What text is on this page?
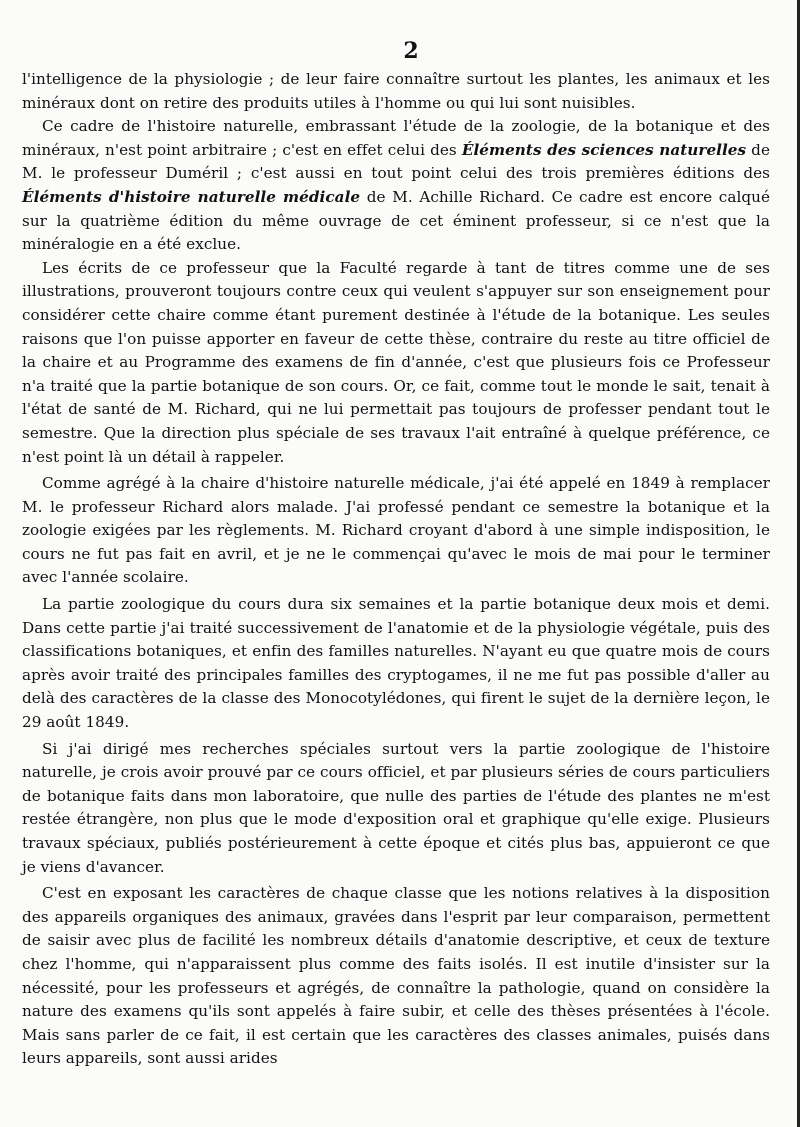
2

l'intelligence de la physiologie ; de leur faire connaître surtout les plantes, les animaux et les minéraux dont on retire des produits utiles à l'homme ou qui lui sont nuisibles.

Ce cadre de l'histoire naturelle, embrassant l'étude de la zoologie, de la botanique et des minéraux, n'est point arbitraire ; c'est en effet celui des Éléments des sciences naturelles de M. le professeur Duméril ; c'est aussi en tout point celui des trois premières éditions des Éléments d'histoire naturelle médicale de M. Achille Richard. Ce cadre est encore calqué sur la quatrième édition du même ouvrage de cet éminent professeur, si ce n'est que la minéralogie en a été exclue.

Les écrits de ce professeur que la Faculté regarde à tant de titres comme une de ses illustrations, prouveront toujours contre ceux qui veulent s'appuyer sur son enseignement pour considérer cette chaire comme étant purement destinée à l'étude de la botanique. Les seules raisons que l'on puisse apporter en faveur de cette thèse, contraire du reste au titre officiel de la chaire et au Programme des examens de fin d'année, c'est que plusieurs fois ce Professeur n'a traité que la partie botanique de son cours. Or, ce fait, comme tout le monde le sait, tenait à l'état de santé de M. Richard, qui ne lui permettait pas toujours de professer pendant tout le semestre. Que la direction plus spéciale de ses travaux l'ait entraîné à quelque préférence, ce n'est point là un détail à rappeler.

Comme agrégé à la chaire d'histoire naturelle médicale, j'ai été appelé en 1849 à remplacer M. le professeur Richard alors malade. J'ai professé pendant ce semestre la botanique et la zoologie exigées par les règlements. M. Richard croyant d'abord à une simple indisposition, le cours ne fut pas fait en avril, et je ne le commençai qu'avec le mois de mai pour le terminer avec l'année scolaire.

La partie zoologique du cours dura six semaines et la partie botanique deux mois et demi. Dans cette partie j'ai traité successivement de l'anatomie et de la physiologie végétale, puis des classifications botaniques, et enfin des familles naturelles. N'ayant eu que quatre mois de cours après avoir traité des principales familles des cryptogames, il ne me fut pas possible d'aller au delà des caractères de la classe des Monocotylédones, qui firent le sujet de la dernière leçon, le 29 août 1849.

Si j'ai dirigé mes recherches spéciales surtout vers la partie zoologique de l'histoire naturelle, je crois avoir prouvé par ce cours officiel, et par plusieurs séries de cours particuliers de botanique faits dans mon laboratoire, que nulle des parties de l'étude des plantes ne m'est restée étrangère, non plus que le mode d'exposition oral et graphique qu'elle exige. Plusieurs travaux spéciaux, publiés postérieurement à cette époque et cités plus bas, appuieront ce que je viens d'avancer.

C'est en exposant les caractères de chaque classe que les notions relatives à la disposition des appareils organiques des animaux, gravées dans l'esprit par leur comparaison, permettent de saisir avec plus de facilité les nombreux détails d'anatomie descriptive, et ceux de texture chez l'homme, qui n'apparaissent plus comme des faits isolés. Il est inutile d'insister sur la nécessité, pour les professeurs et agrégés, de connaître la pathologie, quand on considère la nature des examens qu'ils sont appelés à faire subir, et celle des thèses présentées à l'école. Mais sans parler de ce fait, il est certain que les caractères des classes animales, puisés dans leurs appareils, sont aussi arides
